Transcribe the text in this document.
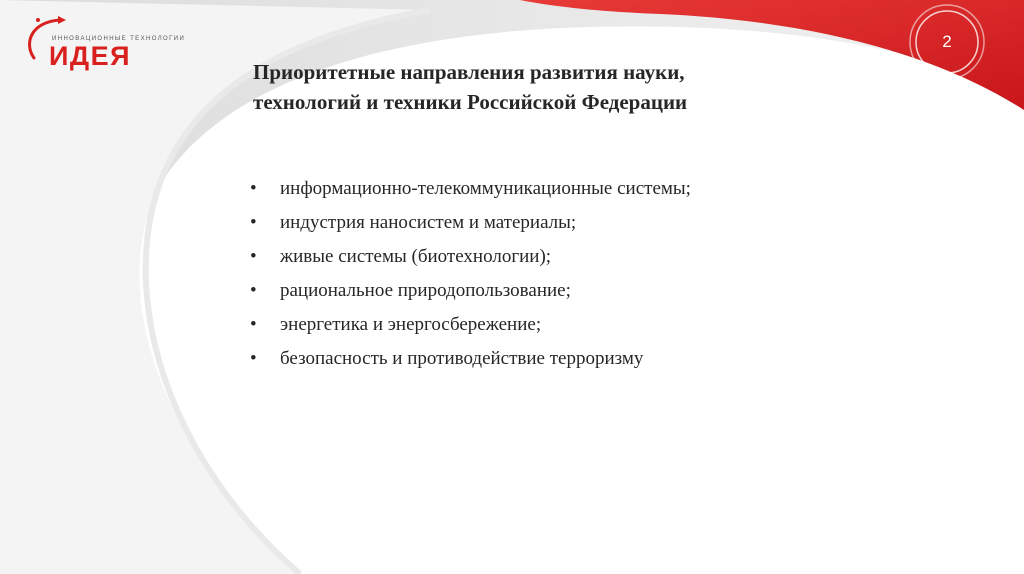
ИННОВАЦИОННЫЕ ТЕХНОЛОГИИ
ИДЕЯ	2
Приоритетные направления развития науки,
технологий и техники Российской Федерации
• информационно-телекоммуникационные системы;
• индустрия наносистем и материалы;
• живые системы (биотехнологии);
• рациональное природопользование;
• энергетика и энергосбережение;
• безопасность и противодействие терроризму
